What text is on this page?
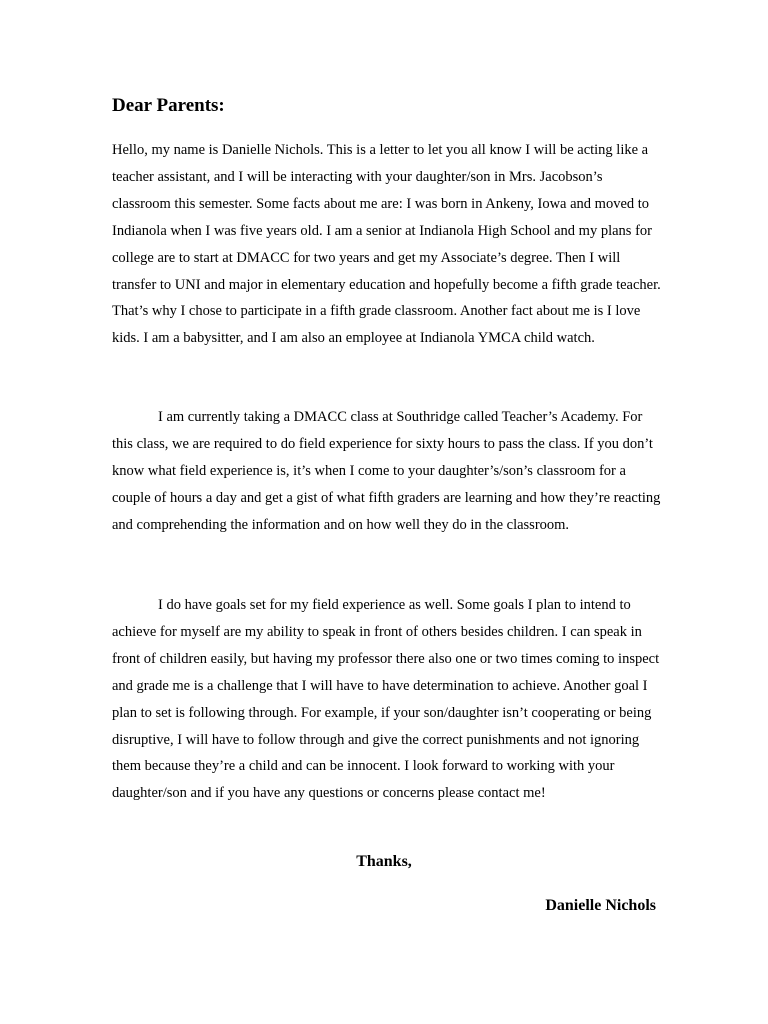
Dear Parents:

Hello, my name is Danielle Nichols. This is a letter to let you all know I will be acting like a teacher assistant, and I will be interacting with your daughter/son in Mrs. Jacobson’s classroom this semester. Some facts about me are: I was born in Ankeny, Iowa and moved to Indianola when I was five years old. I am a senior at Indianola High School and my plans for college are to start at DMACC for two years and get my Associate’s degree. Then I will transfer to UNI and major in elementary education and hopefully become a fifth grade teacher. That’s why I chose to participate in a fifth grade classroom. Another fact about me is I love kids. I am a babysitter, and I am also an employee at Indianola YMCA child watch.

I am currently taking a DMACC class at Southridge called Teacher’s Academy. For this class, we are required to do field experience for sixty hours to pass the class. If you don’t know what field experience is, it’s when I come to your daughter’s/son’s classroom for a couple of hours a day and get a gist of what fifth graders are learning and how they’re reacting and comprehending the information and on how well they do in the classroom.

I do have goals set for my field experience as well. Some goals I plan to intend to achieve for myself are my ability to speak in front of others besides children. I can speak in front of children easily, but having my professor there also one or two times coming to inspect and grade me is a challenge that I will have to have determination to achieve. Another goal I plan to set is following through. For example, if your son/daughter isn’t cooperating or being disruptive, I will have to follow through and give the correct punishments and not ignoring them because they’re a child and can be innocent. I look forward to working with your daughter/son and if you have any questions or concerns please contact me!

Thanks,

Danielle Nichols
